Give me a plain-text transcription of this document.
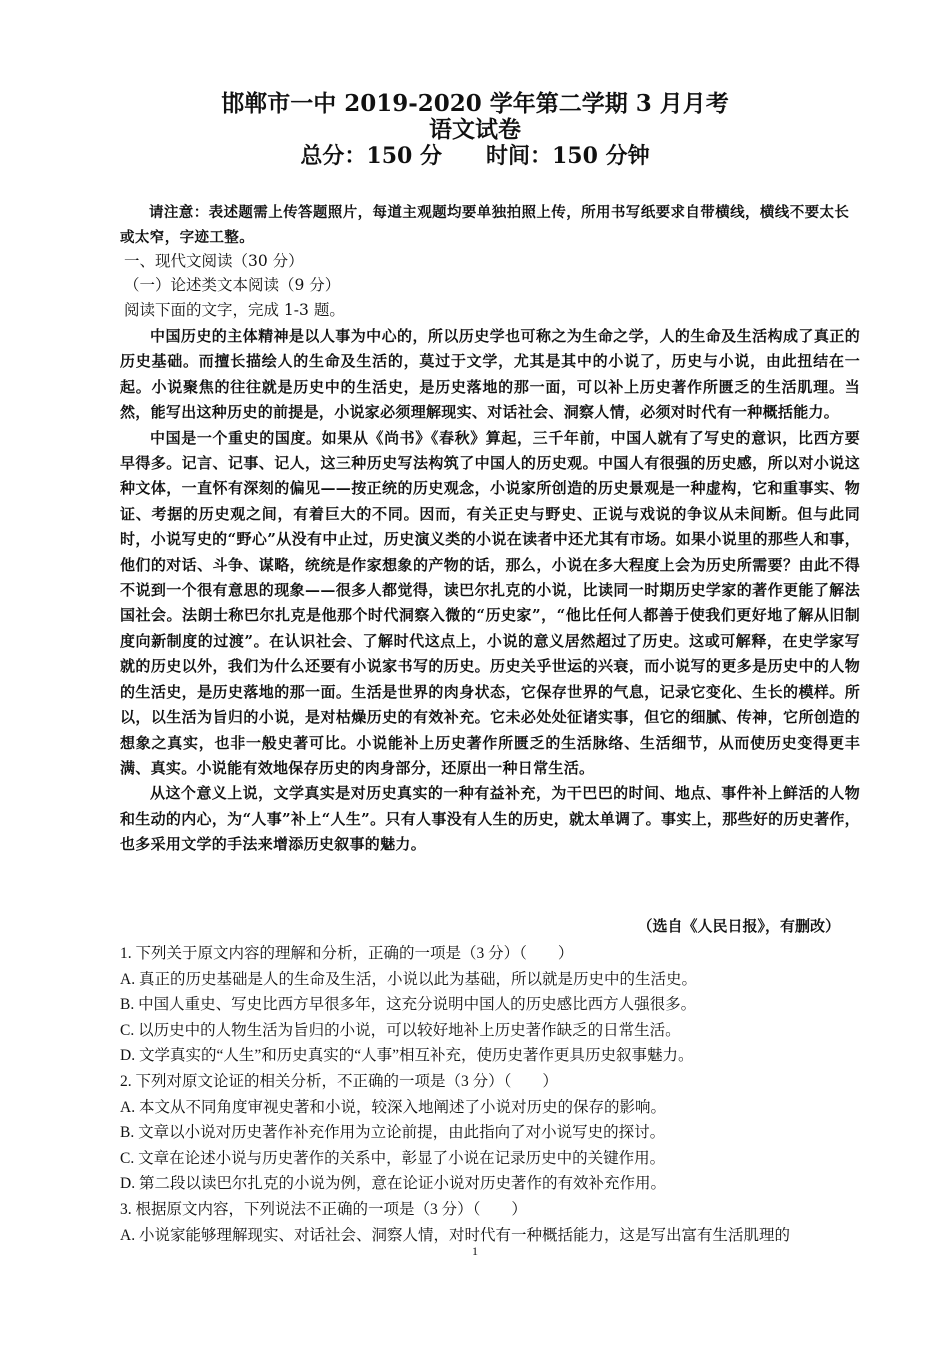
邯郸市一中 2019-2020 学年第二学期 3 月月考
语文试卷
总分：150 分 时间：150 分钟
请注意：表述题需上传答题照片，每道主观题均要单独拍照上传，所用书写纸要求自带横线，横线不要太长或太窄，字迹工整。
一、现代文阅读（30 分）
（一）论述类文本阅读（9 分）
阅读下面的文字，完成 1-3 题。

中国历史的主体精神是以人事为中心的，所以历史学也可称之为生命之学，人的生命及生活构成了真正的历史基础。而擅长描绘人的生命及生活的，莫过于文学，尤其是其中的小说了，历史与小说，由此扭结在一起。小说聚焦的往往就是历史中的生活史，是历史落地的那一面，可以补上历史著作所匮乏的生活肌理。当然，能写出这种历史的前提是，小说家必须理解现实、对话社会、洞察人情，必须对时代有一种概括能力。

中国是一个重史的国度。如果从《尚书》《春秋》算起，三千年前，中国人就有了写史的意识，比西方要早得多。记言、记事、记人，这三种历史写法构筑了中国人的历史观。中国人有很强的历史感，所以对小说这种文体，一直怀有深刻的偏见——按正统的历史观念，小说家所创造的历史景观是一种虚构，它和重事实、物证、考据的历史观之间，有着巨大的不同。因而，有关正史与野史、正说与戏说的争议从未间断。但与此同时，小说写史的“野心”从没有中止过，历史演义类的小说在读者中还尤其有市场。如果小说里的那些人和事，他们的对话、斗争、谋略，统统是作家想象的产物的话，那么，小说在多大程度上会为历史所需要？由此不得不说到一个很有意思的现象——很多人都觉得，读巴尔扎克的小说，比读同一时期历史学家的著作更能了解法国社会。法朗士称巴尔扎克是他那个时代洞察入微的“历史家”，“他比任何人都善于使我们更好地了解从旧制度向新制度的过渡”。在认识社会、了解时代这点上，小说的意义居然超过了历史。这或可解释，在史学家写就的历史以外，我们为什么还要有小说家书写的历史。历史关乎世运的兴衰，而小说写的更多是历史中的人物的生活史，是历史落地的那一面。生活是世界的肉身状态，它保存世界的气息，记录它变化、生长的模样。所以，以生活为旨归的小说，是对枯燥历史的有效补充。它未必处处征诸实事，但它的细腻、传神，它所创造的想象之真实，也非一般史著可比。小说能补上历史著作所匮乏的生活脉络、生活细节，从而使历史变得更丰满、真实。小说能有效地保存历史的肉身部分，还原出一种日常生活。

从这个意义上说，文学真实是对历史真实的一种有益补充，为干巴巴的时间、地点、事件补上鲜活的人物和生动的内心，为“人事”补上“人生”。只有人事没有人生的历史，就太单调了。事实上，那些好的历史著作，也多采用文学的手法来增添历史叙事的魅力。

（选自《人民日报》，有删改）
1. 下列关于原文内容的理解和分析，正确的一项是（3 分）（　　）
A. 真正的历史基础是人的生命及生活，小说以此为基础，所以就是历史中的生活史。
B. 中国人重史、写史比西方早很多年，这充分说明中国人的历史感比西方人强很多。
C. 以历史中的人物生活为旨归的小说，可以较好地补上历史著作缺乏的日常生活。
D. 文学真实的“人生”和历史真实的“人事”相互补充，使历史著作更具历史叙事魅力。
2. 下列对原文论证的相关分析，不正确的一项是（3 分）（　　）
A. 本文从不同角度审视史著和小说，较深入地阐述了小说对历史的保存的影响。
B. 文章以小说对历史著作补充作用为立论前提，由此指向了对小说写史的探讨。
C. 文章在论述小说与历史著作的关系中，彰显了小说在记录历史中的关键作用。
D. 第二段以读巴尔扎克的小说为例，意在论证小说对历史著作的有效补充作用。
3. 根据原文内容，下列说法不正确的一项是（3 分）（　　）
A. 小说家能够理解现实、对话社会、洞察人情，对时代有一种概括能力，这是写出富有生活肌理的
1
